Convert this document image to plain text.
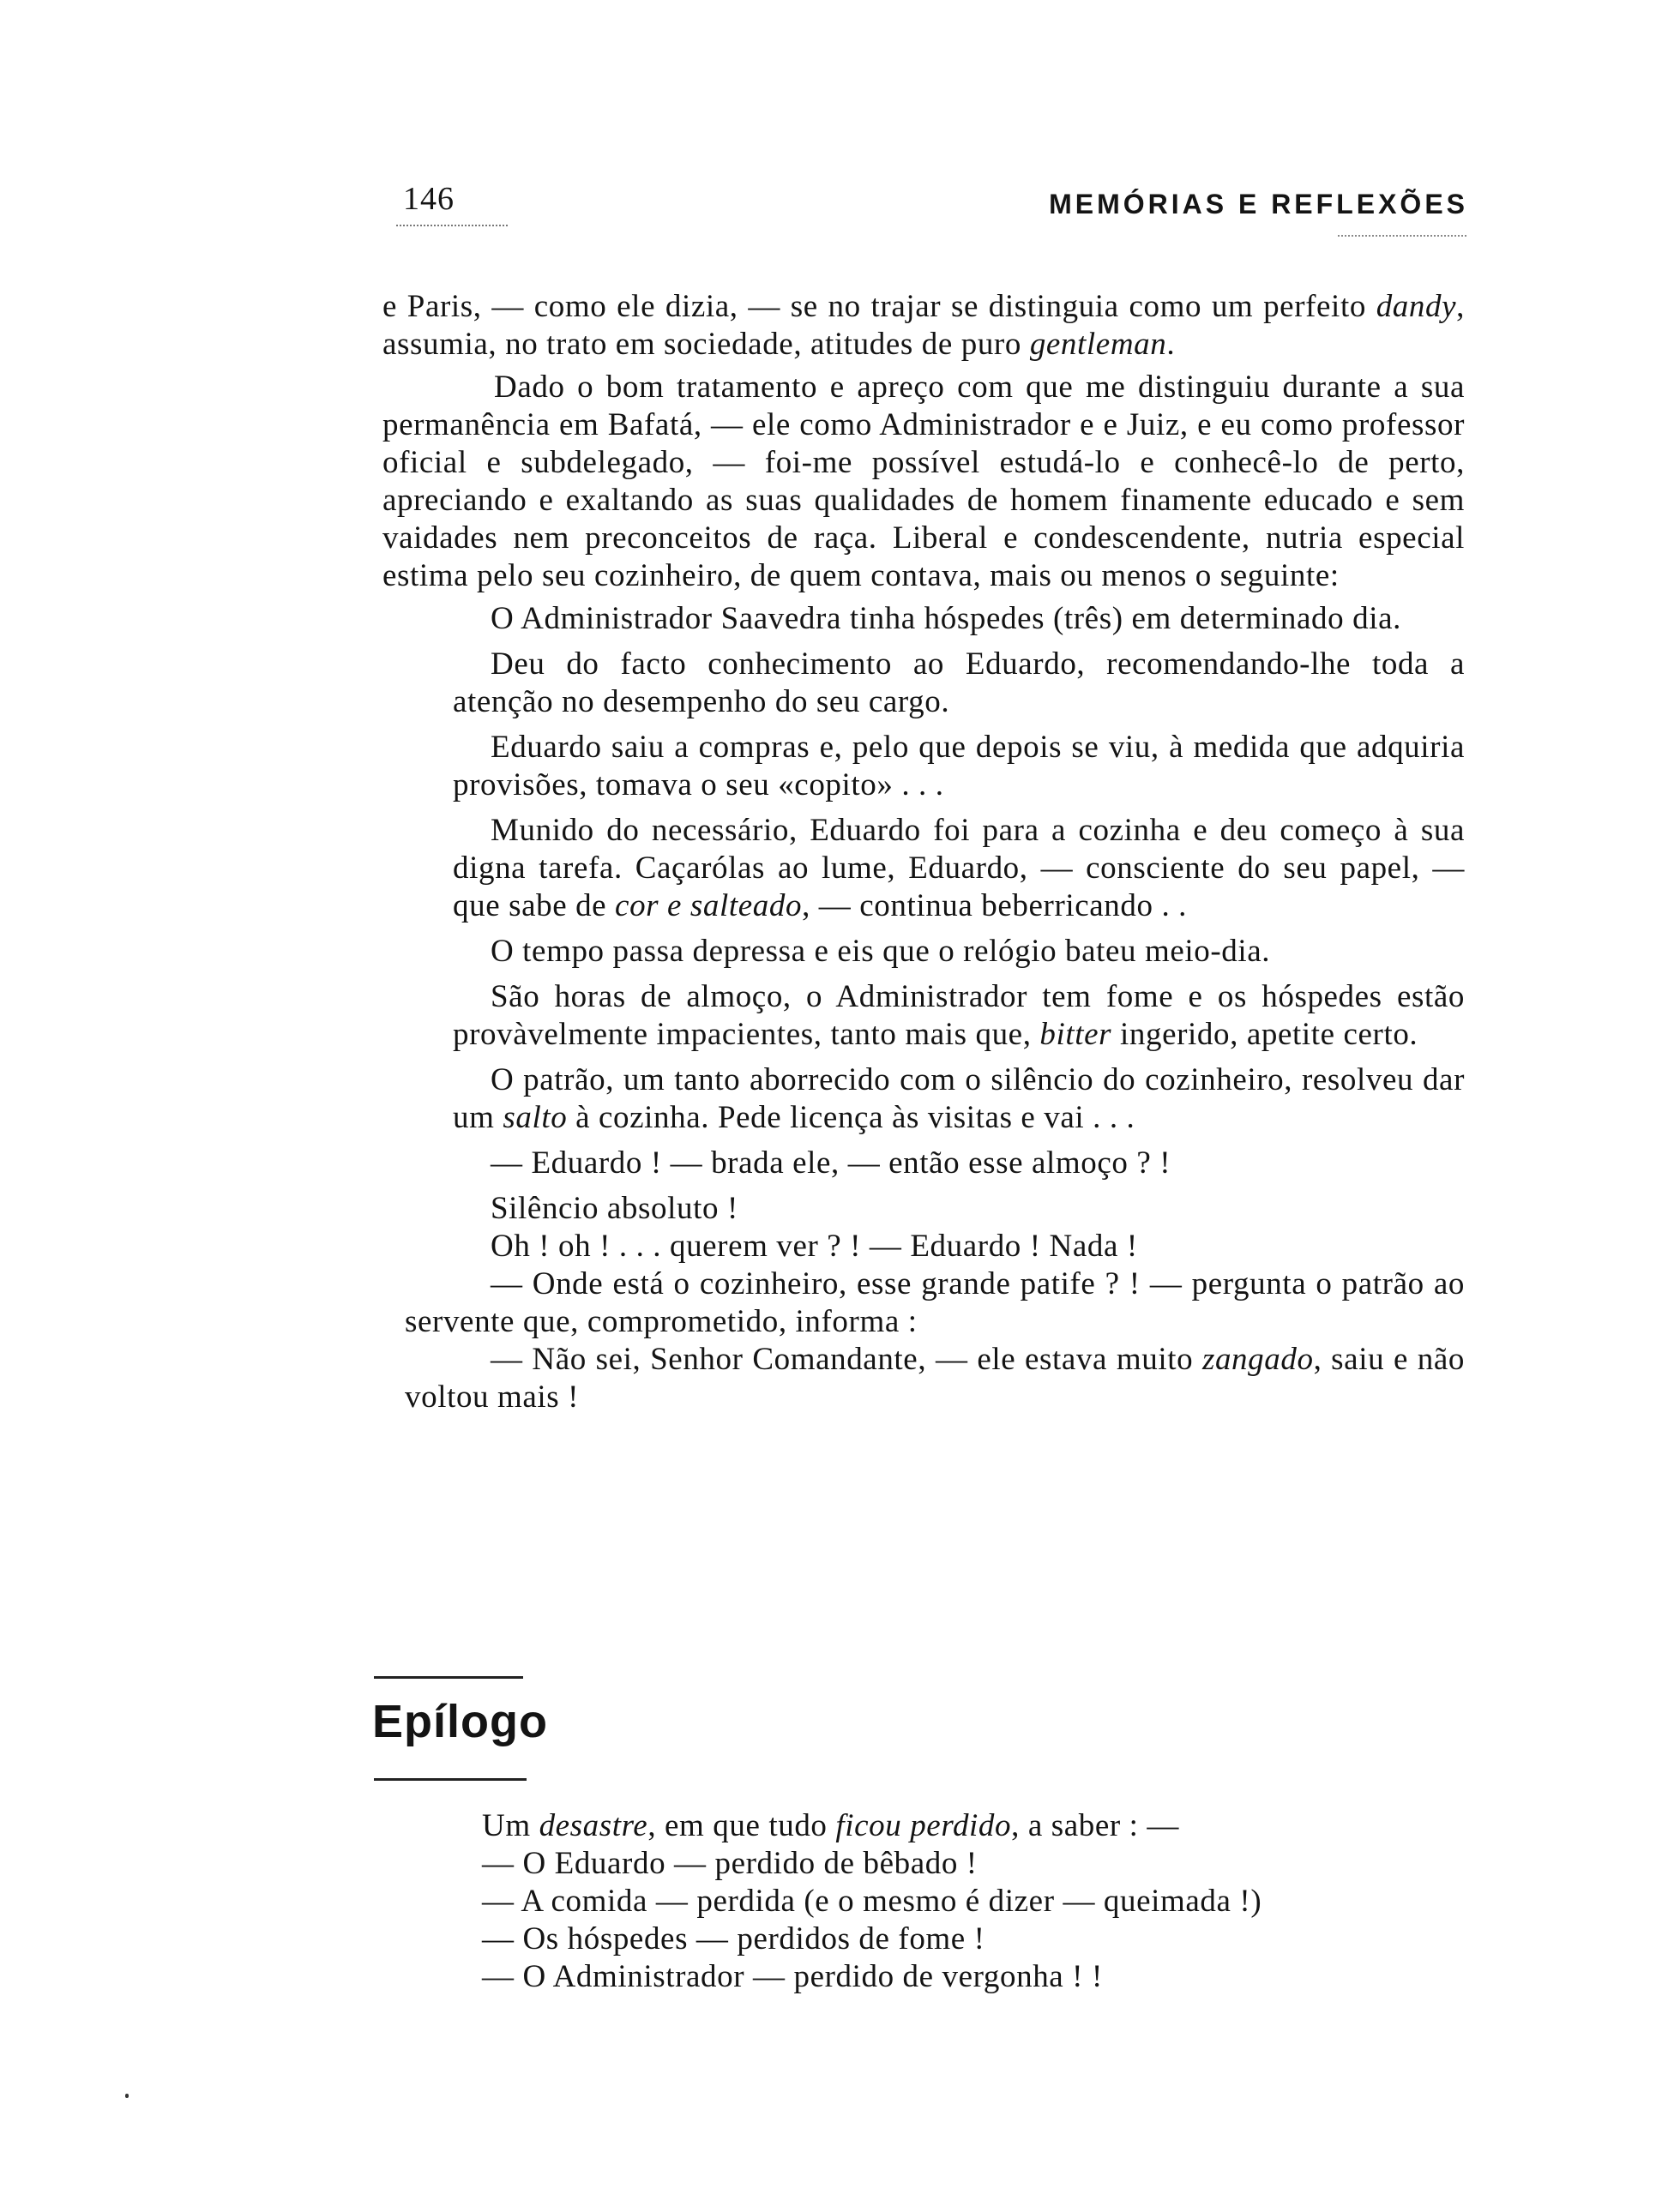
146	MEMÓRIAS E REFLEXÕES

e Paris, — como ele dizia, — se no trajar se distinguia como um perfeito dandy, assumia, no trato em sociedade, atitudes de puro gentleman.

Dado o bom tratamento e apreço com que me distinguiu durante a sua permanência em Bafatá, — ele como Administrador e e Juiz, e eu como professor oficial e subdelegado, — foi-me possível estudá-lo e conhecê-lo de perto, apreciando e exaltando as suas qualidades de homem finamente educado e sem vaidades nem preconceitos de raça. Liberal e condescendente, nutria especial estima pelo seu cozinheiro, de quem contava, mais ou menos o seguinte:

O Administrador Saavedra tinha hóspedes (três) em determinado dia.

Deu do facto conhecimento ao Eduardo, recomendando-lhe toda a atenção no desempenho do seu cargo.

Eduardo saiu a compras e, pelo que depois se viu, à medida que adquiria provisões, tomava o seu «copito» . . .

Munido do necessário, Eduardo foi para a cozinha e deu começo à sua digna tarefa. Caçarólas ao lume, Eduardo, — consciente do seu papel, — que sabe de cor e salteado, — continua beberricando . .

O tempo passa depressa e eis que o relógio bateu meio-dia.

São horas de almoço, o Administrador tem fome e os hóspedes estão provàvelmente impacientes, tanto mais que, bitter ingerido, apetite certo.

O patrão, um tanto aborrecido com o silêncio do cozinheiro, resolveu dar um salto à cozinha. Pede licença às visitas e vai . . .

— Eduardo ! — brada ele, — então esse almoço ? !

Silêncio absoluto !

Oh ! oh ! . . . querem ver ? ! — Eduardo ! Nada !

— Onde está o cozinheiro, esse grande patife ? ! — pergunta o patrão ao servente que, comprometido, informa :

— Não sei, Senhor Comandante, — ele estava muito zangado, saiu e não voltou mais !

Epílogo

Um desastre, em que tudo ficou perdido, a saber : —

— O Eduardo — perdido de bêbado !

— A comida — perdida (e o mesmo é dizer — queimada !)

— Os hóspedes — perdidos de fome !

— O Administrador — perdido de vergonha ! !
